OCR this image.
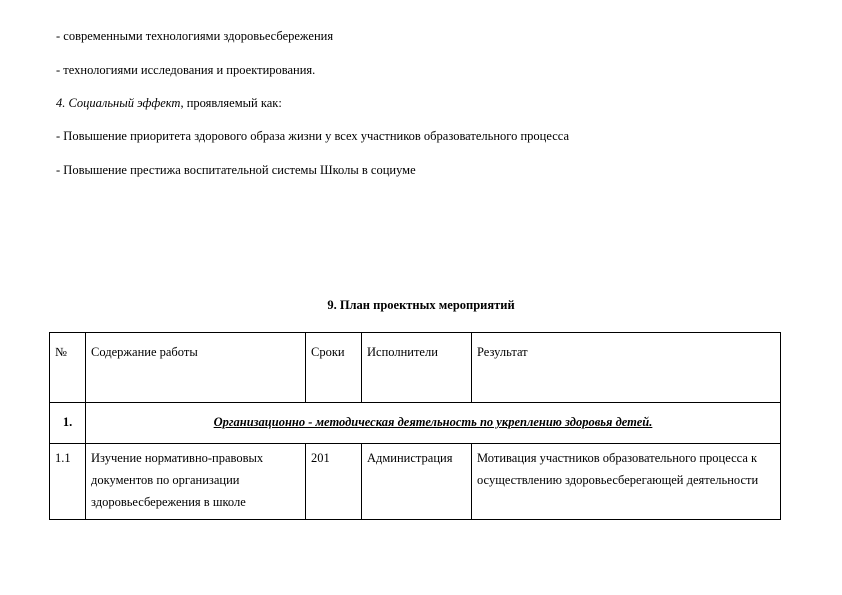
- современными технологиями здоровьесбережения
- технологиями исследования и проектирования.
4. Социальный эффект, проявляемый как:
- Повышение приоритета здорового образа жизни у всех участников образовательного процесса
- Повышение престижа воспитательной системы Школы в социуме
9. План проектных мероприятий
№	Содержание работы	Сроки	Исполнители	Результат
1.	Организационно - методическая деятельность по укреплению здоровья детей.			
1.1	Изучение нормативно-правовых документов по организации здоровьесбережения в школе	201	Администрация	Мотивация участников образовательного процесса к осуществлению здоровьесберегающей деятельности
